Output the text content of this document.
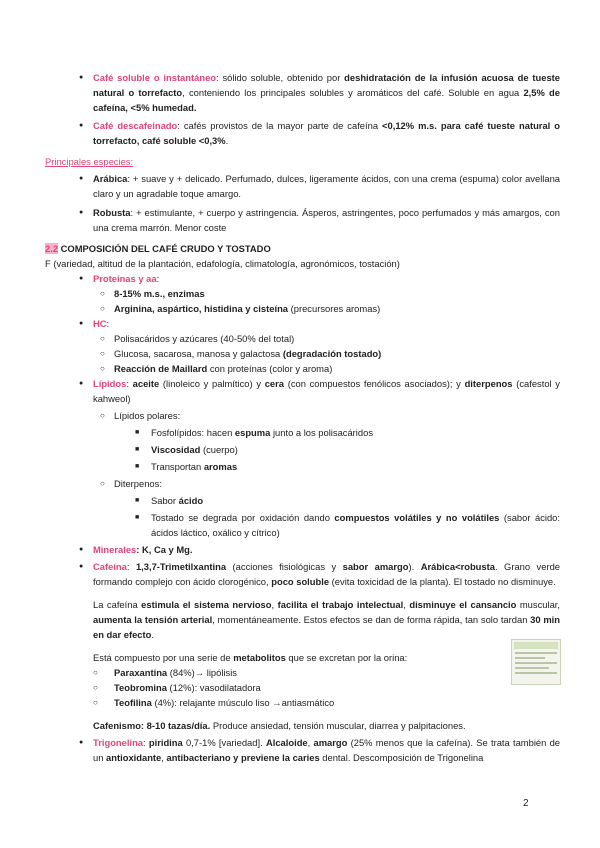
● Café soluble o instantáneo: sólido soluble, obtenido por deshidratación de la infusión acuosa de tueste natural o torrefacto, conteniendo los principales solubles y aromáticos del café. Soluble en agua 2,5% de cafeína, <5% humedad.
● Café descafeinado: cafés provistos de la mayor parte de cafeína <0,12% m.s. para café tueste natural o torrefacto, café soluble <0,3%.
Principales especies:
● Arábica: + suave y + delicado. Perfumado, dulces, ligeramente ácidos, con una crema (espuma) color avellana claro y un agradable toque amargo.
● Robusta: + estimulante, + cuerpo y astringencia. Ásperos, astringentes, poco perfumados y más amargos, con una crema marrón. Menor coste
2.2 COMPOSICIÓN DEL CAFÉ CRUDO Y TOSTADO
F (variedad, altitud de la plantación, edafología, climatología, agronómicos, tostación)
● Proteínas y aa:
○ 8-15% m.s., enzimas
○ Arginina, aspártico, histidina y cisteína (precursores aromas)
● HC:
○ Polisacáridos y azúcares (40-50% del total)
○ Glucosa, sacarosa, manosa y galactosa (degradación tostado)
○ Reacción de Maillard con proteínas (color y aroma)
● Lípidos: aceite (linoleico y palmítico) y cera (con compuestos fenólicos asociados); y diterpenos (cafestol y kahweol)
○ Lípidos polares:
■ Fosfolípidos: hacen espuma junto a los polisacáridos
■ Viscosidad (cuerpo)
■ Transportan aromas
○ Diterpenos:
■ Sabor ácido
■ Tostado se degrada por oxidación dando compuestos volátiles y no volátiles (sabor ácido: ácidos láctico, oxálico y cítrico)
● Minerales: K, Ca y Mg.
● Cafeína: 1,3,7-Trimetilxantina (acciones fisiológicas y sabor amargo). Arábica<robusta. Grano verde formando complejo con ácido clorogénico, poco soluble (evita toxicidad de la planta). El tostado no disminuye.
La cafeína estimula el sistema nervioso, facilita el trabajo intelectual, disminuye el cansancio muscular, aumenta la tensión arterial, momentáneamente. Estos efectos se dan de forma rápida, tan solo tardan 30 min en dar efecto.
Está compuesto por una serie de metabolitos que se excretan por la orina:
○ Paraxantina (84%)→ lipólisis
○ Teobromina (12%): vasodilatadora
○ Teofilina (4%): relajante músculo liso →antiasmático
Cafenismo: 8-10 tazas/día. Produce ansiedad, tensión muscular, diarrea y palpitaciones.
● Trigonelina: piridina 0,7-1% [variedad]. Alcaloide, amargo (25% menos que la cafeína). Se trata también de un antioxidante, antibacteriano y previene la caries dental. Descomposición de Trigonelina
2
